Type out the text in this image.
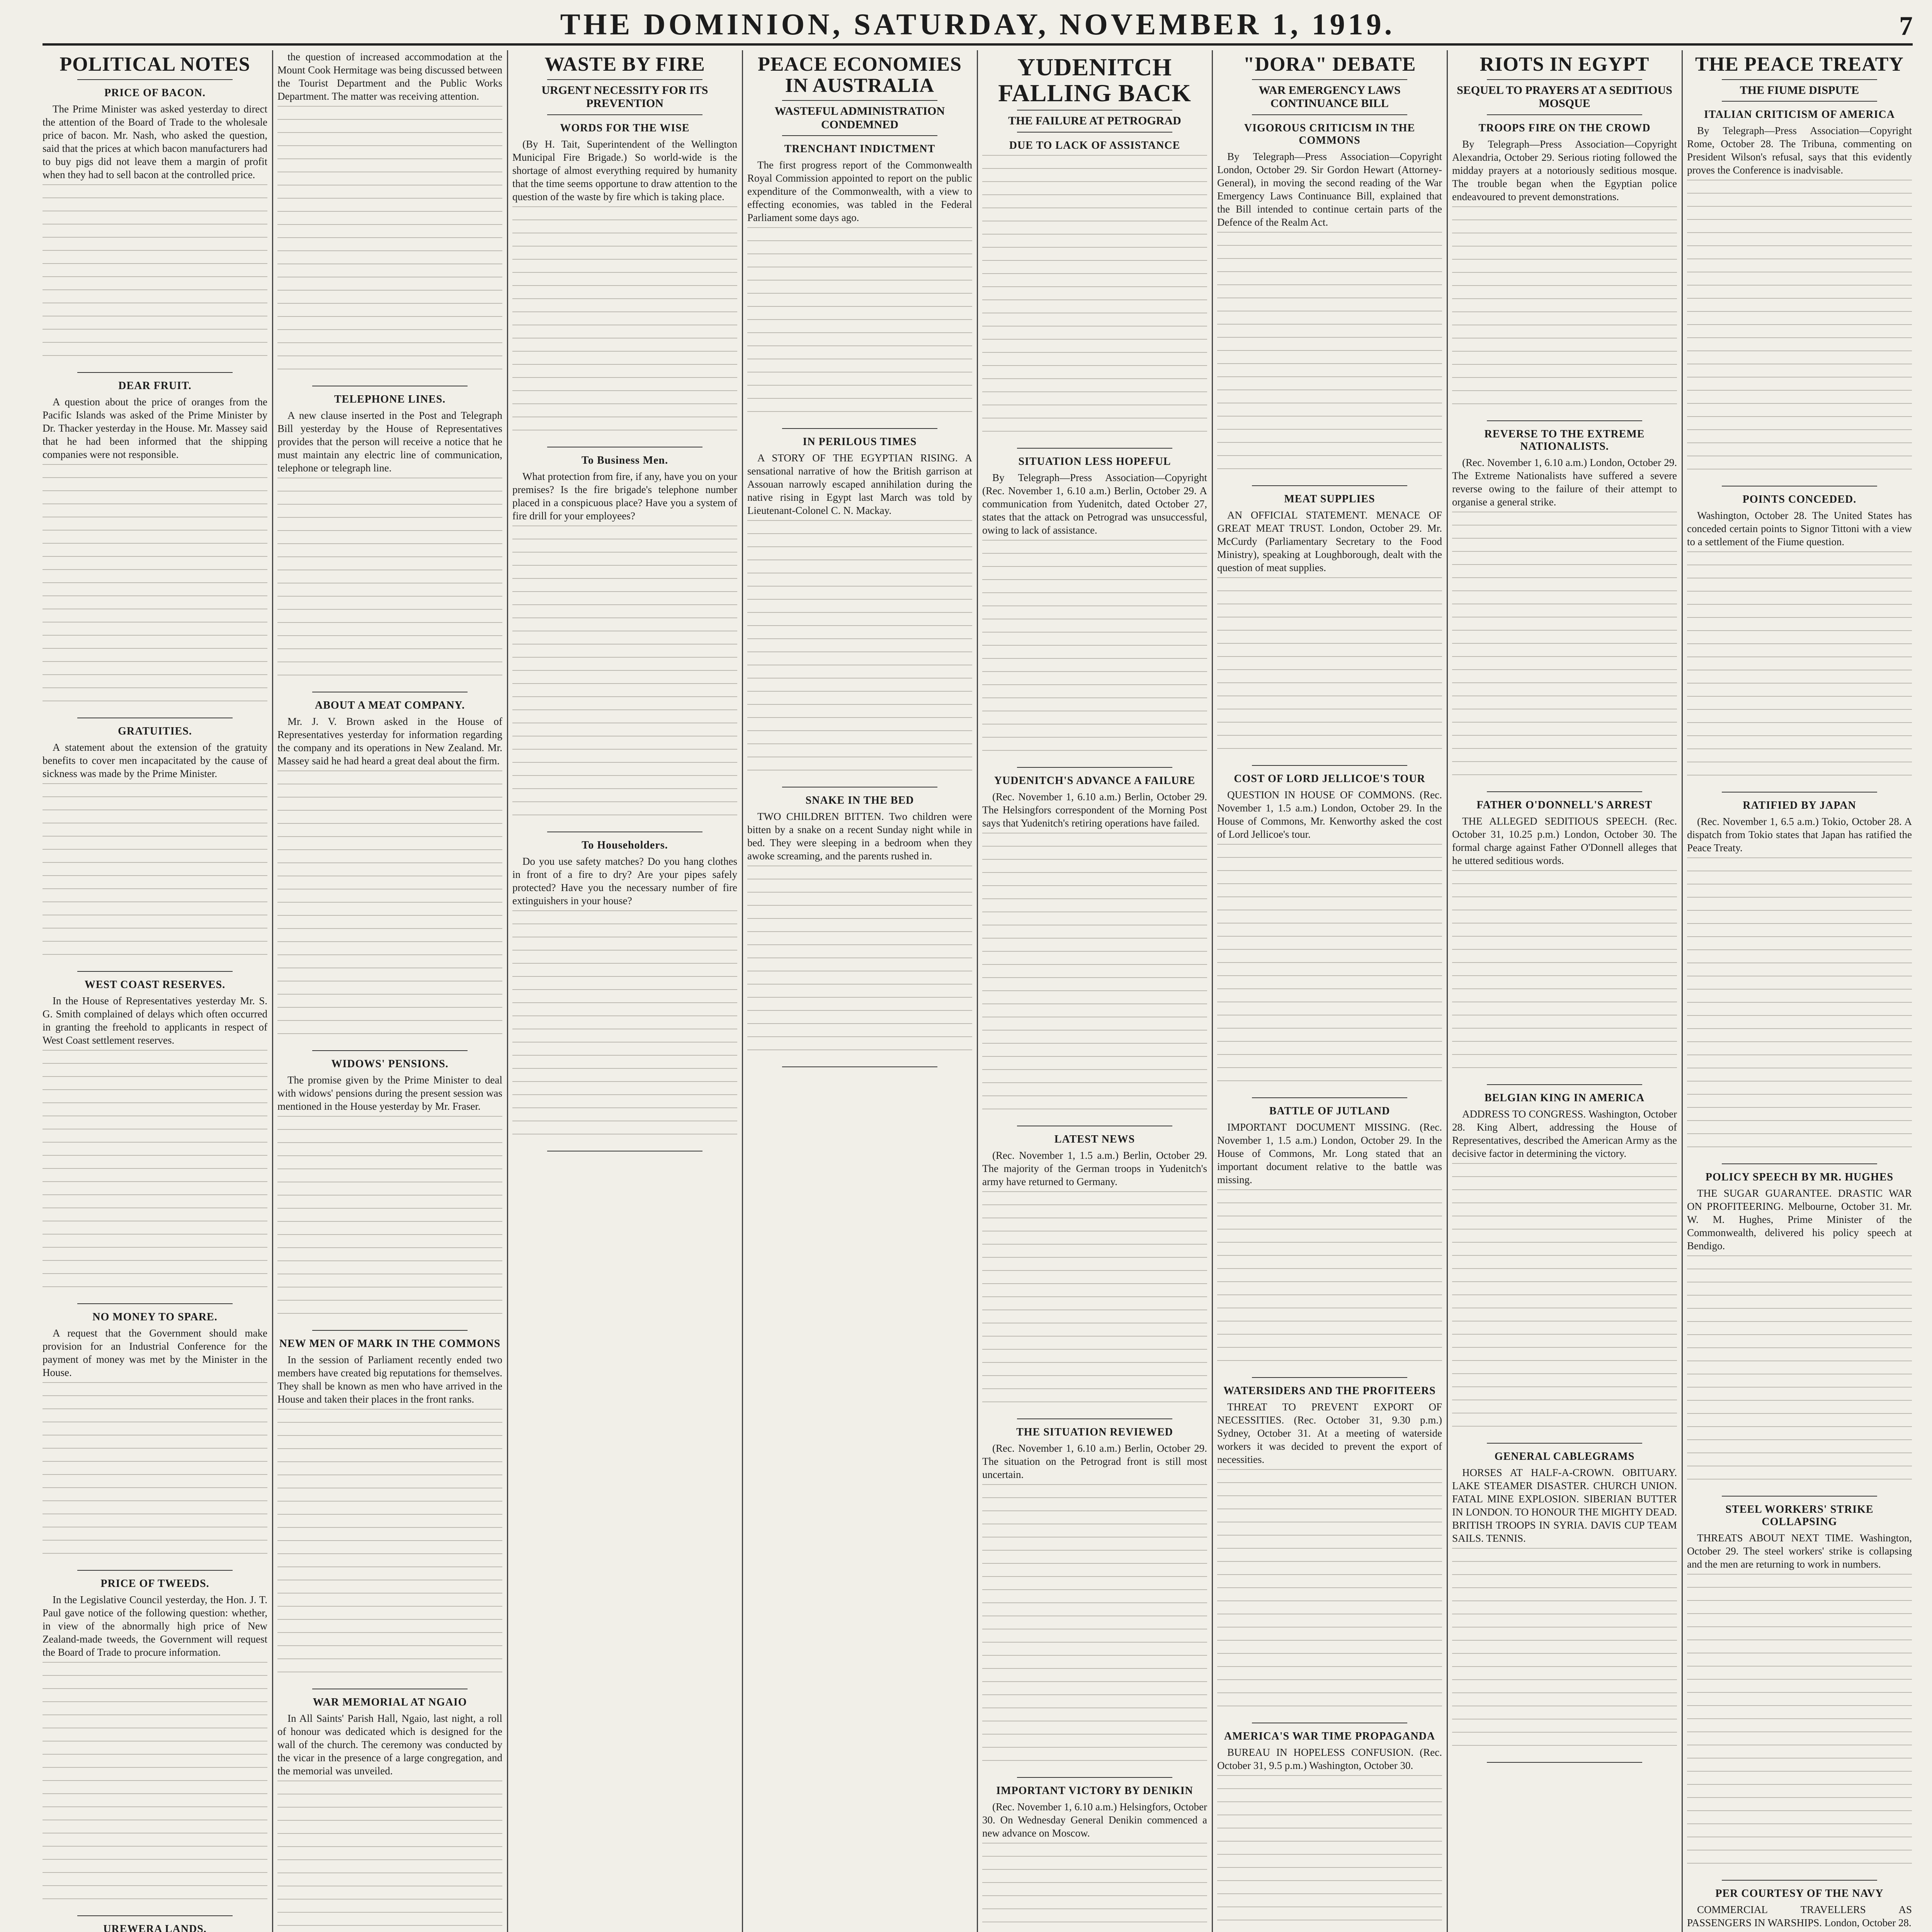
THE DOMINION, SATURDAY, NOVEMBER 1, 1919.	7
POLITICAL NOTES
PRICE OF BACON.

The Prime Minister was asked yesterday to direct the attention of the Board of Trade to the wholesale price of bacon. Mr. Nash, who asked the question, said that the prices at which bacon manufacturers had to buy pigs did not leave them a margin of profit when they had to sell bacon at the controlled price.

DEAR FRUIT.

A question about the price of oranges from the Pacific Islands was asked of the Prime Minister by Dr. Thacker yesterday in the House. Mr. Massey said that he had been informed that the shipping companies were not responsible.

GRATUITIES.

A statement about the extension of the gratuity benefits to cover men incapacitated by the cause of sickness was made by the Prime Minister.

WEST COAST RESERVES.

In the House of Representatives yesterday Mr. S. G. Smith complained of delays which often occurred in granting the freehold to applicants in respect of West Coast settlement reserves.

NO MONEY TO SPARE.

A request that the Government should make provision for an Industrial Conference for the payment of money was met by the Minister in the House.

PRICE OF TWEEDS.

In the Legislative Council yesterday, the Hon. J. T. Paul gave notice of the following question: whether, in view of the abnormally high price of New Zealand-made tweeds, the Government will request the Board of Trade to procure information.

UREWERA LANDS.

the question of increased accommodation at the Mount Cook Hermitage was being discussed between the Tourist Department and the Public Works Department. The matter was receiving attention.

TELEPHONE LINES.

A new clause inserted in the Post and Telegraph Bill yesterday by the House of Representatives provides that the person will receive a notice that he must maintain any electric line of communication, telephone or telegraph line.

ABOUT A MEAT COMPANY.

Mr. J. V. Brown asked in the House of Representatives yesterday for information regarding the company and its operations in New Zealand. Mr. Massey said he had heard a great deal about the firm.

WIDOWS' PENSIONS.

The promise given by the Prime Minister to deal with widows' pensions during the present session was mentioned in the House yesterday by Mr. Fraser.

NEW MEN OF MARK IN THE COMMONS

In the session of Parliament recently ended two members have created big reputations for themselves. They shall be known as men who have arrived in the House and taken their places in the front ranks.

WAR MEMORIAL AT NGAIO

In All Saints' Parish Hall, Ngaio, last night, a roll of honour was dedicated which is designed for the wall of the church. The ceremony was conducted by the vicar in the presence of a large congregation, and the memorial was unveiled.

WASTE BY FIRE
URGENT NECESSITY FOR ITS PREVENTION
WORDS FOR THE WISE

(By H. Tait, Superintendent of the Wellington Municipal Fire Brigade.) So world-wide is the shortage of almost everything required by humanity that the time seems opportune to draw attention to the question of the waste by fire which is taking place.

To Business Men.

What protection from fire, if any, have you on your premises? Is the fire brigade's telephone number placed in a conspicuous place? Have you a system of fire drill for your employees?

To Householders.

Do you use safety matches? Do you hang clothes in front of a fire to dry? Are your pipes safely protected? Have you the necessary number of fire extinguishers in your house?

PEACE ECONOMIES IN AUSTRALIA
WASTEFUL ADMINISTRATION CONDEMNED
TRENCHANT INDICTMENT

The first progress report of the Commonwealth Royal Commission appointed to report on the public expenditure of the Commonwealth, with a view to effecting economies, was tabled in the Federal Parliament some days ago.

IN PERILOUS TIMES

A STORY OF THE EGYPTIAN RISING. A sensational narrative of how the British garrison at Assouan narrowly escaped annihilation during the native rising in Egypt last March was told by Lieutenant-Colonel C. N. Mackay.

SNAKE IN THE BED

TWO CHILDREN BITTEN. Two children were bitten by a snake on a recent Sunday night while in bed. They were sleeping in a bedroom when they awoke screaming, and the parents rushed in.

YUDENITCH FALLING BACK
THE FAILURE AT PETROGRAD
DUE TO LACK OF ASSISTANCE
SITUATION LESS HOPEFUL

By Telegraph—Press Association—Copyright (Rec. November 1, 6.10 a.m.) Berlin, October 29. A communication from Yudenitch, dated October 27, states that the attack on Petrograd was unsuccessful, owing to lack of assistance.

YUDENITCH'S ADVANCE A FAILURE

(Rec. November 1, 6.10 a.m.) Berlin, October 29. The Helsingfors correspondent of the Morning Post says that Yudenitch's retiring operations have failed.

LATEST NEWS

(Rec. November 1, 1.5 a.m.) Berlin, October 29. The majority of the German troops in Yudenitch's army have returned to Germany.

THE SITUATION REVIEWED

(Rec. November 1, 6.10 a.m.) Berlin, October 29. The situation on the Petrograd front is still most uncertain.

IMPORTANT VICTORY BY DENIKIN

(Rec. November 1, 6.10 a.m.) Helsingfors, October 30. On Wednesday General Denikin commenced a new advance on Moscow.

"DORA" DEBATE
WAR EMERGENCY LAWS CONTINUANCE BILL
VIGOROUS CRITICISM IN THE COMMONS

By Telegraph—Press Association—Copyright London, October 29. Sir Gordon Hewart (Attorney-General), in moving the second reading of the War Emergency Laws Continuance Bill, explained that the Bill intended to continue certain parts of the Defence of the Realm Act.

MEAT SUPPLIES

AN OFFICIAL STATEMENT. MENACE OF GREAT MEAT TRUST. London, October 29. Mr. McCurdy (Parliamentary Secretary to the Food Ministry), speaking at Loughborough, dealt with the question of meat supplies.

COST OF LORD JELLICOE'S TOUR

QUESTION IN HOUSE OF COMMONS. (Rec. November 1, 1.5 a.m.) London, October 29. In the House of Commons, Mr. Kenworthy asked the cost of Lord Jellicoe's tour.

BATTLE OF JUTLAND

IMPORTANT DOCUMENT MISSING. (Rec. November 1, 1.5 a.m.) London, October 29. In the House of Commons, Mr. Long stated that an important document relative to the battle was missing.

WATERSIDERS AND THE PROFITEERS

THREAT TO PREVENT EXPORT OF NECESSITIES. (Rec. October 31, 9.30 p.m.) Sydney, October 31. At a meeting of waterside workers it was decided to prevent the export of necessities.

AMERICA'S WAR TIME PROPAGANDA

BUREAU IN HOPELESS CONFUSION. (Rec. October 31, 9.5 p.m.) Washington, October 30.

RIOTS IN EGYPT
SEQUEL TO PRAYERS AT A SEDITIOUS MOSQUE
TROOPS FIRE ON THE CROWD

By Telegraph—Press Association—Copyright Alexandria, October 29. Serious rioting followed the midday prayers at a notoriously seditious mosque. The trouble began when the Egyptian police endeavoured to prevent demonstrations.

REVERSE TO THE EXTREME NATIONALISTS.

(Rec. November 1, 6.10 a.m.) London, October 29. The Extreme Nationalists have suffered a severe reverse owing to the failure of their attempt to organise a general strike.

FATHER O'DONNELL'S ARREST

THE ALLEGED SEDITIOUS SPEECH. (Rec. October 31, 10.25 p.m.) London, October 30. The formal charge against Father O'Donnell alleges that he uttered seditious words.

BELGIAN KING IN AMERICA

ADDRESS TO CONGRESS. Washington, October 28. King Albert, addressing the House of Representatives, described the American Army as the decisive factor in determining the victory.

GENERAL CABLEGRAMS

HORSES AT HALF-A-CROWN. OBITUARY. LAKE STEAMER DISASTER. CHURCH UNION. FATAL MINE EXPLOSION. SIBERIAN BUTTER IN LONDON. TO HONOUR THE MIGHTY DEAD. BRITISH TROOPS IN SYRIA. DAVIS CUP TEAM SAILS. TENNIS.

THE PEACE TREATY
THE FIUME DISPUTE
ITALIAN CRITICISM OF AMERICA

By Telegraph—Press Association—Copyright Rome, October 28. The Tribuna, commenting on President Wilson's refusal, says that this evidently proves the Conference is inadvisable.

POINTS CONCEDED.

Washington, October 28. The United States has conceded certain points to Signor Tittoni with a view to a settlement of the Fiume question.

RATIFIED BY JAPAN

(Rec. November 1, 6.5 a.m.) Tokio, October 28. A dispatch from Tokio states that Japan has ratified the Peace Treaty.

POLICY SPEECH BY MR. HUGHES

THE SUGAR GUARANTEE. DRASTIC WAR ON PROFITEERING. Melbourne, October 31. Mr. W. M. Hughes, Prime Minister of the Commonwealth, delivered his policy speech at Bendigo.

STEEL WORKERS' STRIKE COLLAPSING

THREATS ABOUT NEXT TIME. Washington, October 29. The steel workers' strike is collapsing and the men are returning to work in numbers.

PER COURTESY OF THE NAVY

COMMERCIAL TRAVELLERS AS PASSENGERS IN WARSHIPS. London, October 28.
